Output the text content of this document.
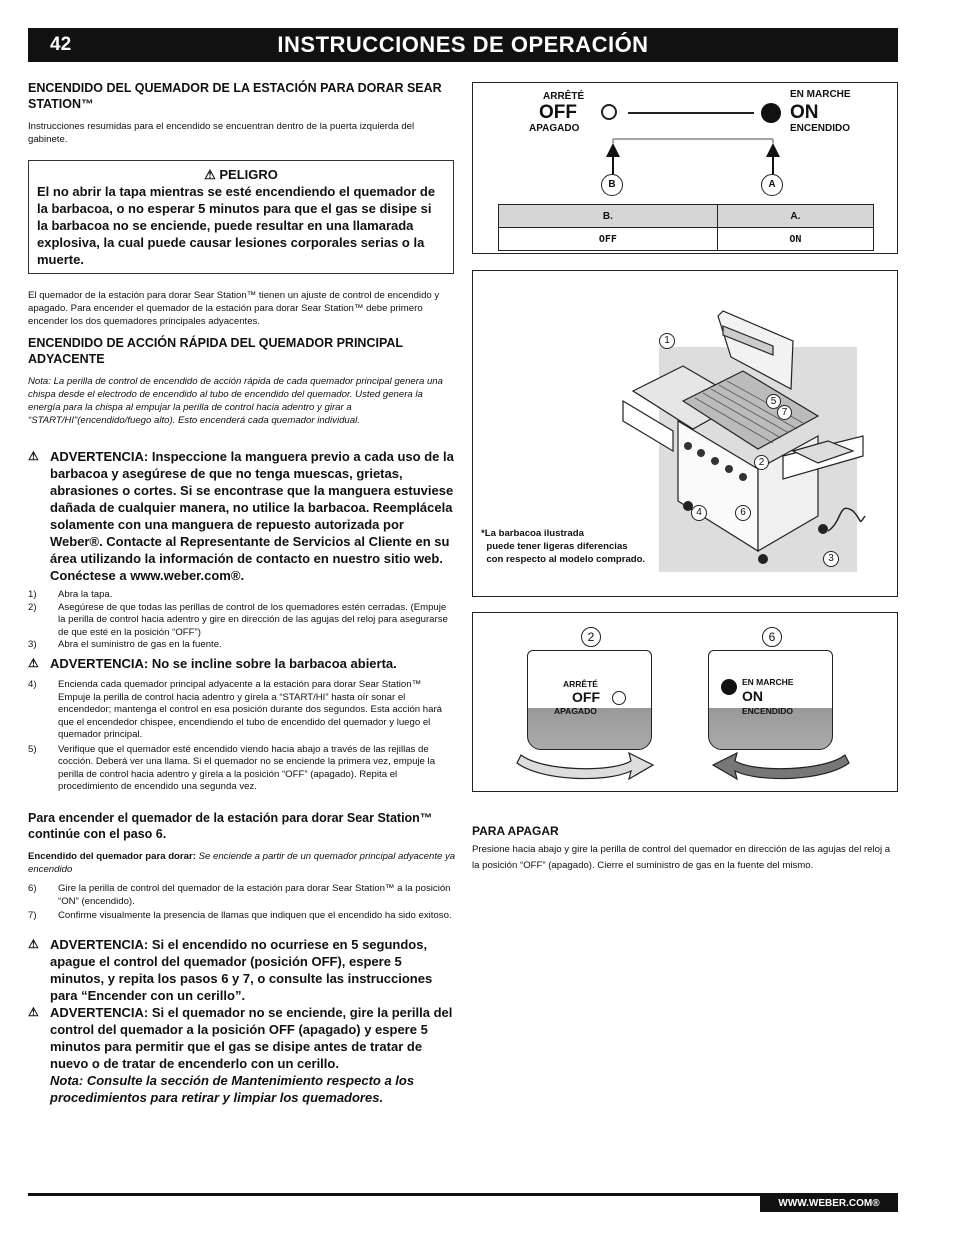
42	INSTRUCCIONES DE OPERACIÓN
ENCENDIDO DEL QUEMADOR DE LA ESTACIÓN PARA DORAR SEAR STATION™
Instrucciones resumidas para el encendido se encuentran dentro de la puerta izquierda del gabinete.
⚠ PELIGRO
El no abrir la tapa mientras se esté encendiendo el quemador de la barbacoa, o no esperar 5 minutos para que el gas se disipe si la barbacoa no se enciende, puede resultar en una llamarada explosiva, la cual puede causar lesiones corporales serias o la muerte.
El quemador de la estación para dorar Sear Station™ tienen un ajuste de control de encendido y apagado. Para encender el quemador de la estación para dorar Sear Station™ debe primero encender los dos quemadores principales adyacentes.
ENCENDIDO DE ACCIÓN RÁPIDA DEL QUEMADOR PRINCIPAL ADYACENTE
Nota: La perilla de control de encendido de acción rápida de cada quemador principal genera una chispa desde el electrodo de encendido al tubo de encendido del quemador. Usted genera la energía para la chispa al empujar la perilla de control hacia adentro y girar a “START/HI”(encendido/fuego alto). Esto encenderá cada quemador individual.
⚠ ADVERTENCIA: Inspeccione la manguera previo a cada uso de la barbacoa y asegúrese de que no tenga muescas, grietas, abrasiones o cortes. Si se encontrase que la manguera estuviese dañada de cualquier manera, no utilice la barbacoa. Reemplácela solamente con una manguera de repuesto autorizada por Weber®. Contacte al Representante de Servicios al Cliente en su área utilizando la información de contacto en nuestro sitio web. Conéctese a www.weber.com®.
1)	Abra la tapa.
2)	Asegúrese de que todas las perillas de control de los quemadores estén cerradas. (Empuje la perilla de control hacia adentro y gire en dirección de las agujas del reloj para asegurarse de que esté en la posición “OFF”)
3)	Abra el suministro de gas en la fuente.
⚠ ADVERTENCIA: No se incline sobre la barbacoa abierta.
4)	Encienda cada quemador principal adyacente a la estación para dorar Sear Station™ Empuje la perilla de control hacia adentro y gírela a “START/HI” hasta oír sonar el encendedor; mantenga el control en esa posición durante dos segundos. Esta acción hará que el encendedor chispee, encendiendo el tubo de encendido del quemador y luego el quemador principal.
5)	Verifique que el quemador esté encendido viendo hacia abajo a través de las rejillas de cocción. Deberá ver una llama. Si el quemador no se enciende la primera vez, empuje la perilla de control hacia adentro y gírela a la posición “OFF” (apagado). Repita el procedimiento de encendido una segunda vez.
Para encender el quemador de la estación para dorar Sear Station™ continúe con el paso 6.
Encendido del quemador para dorar: Se enciende a partir de un quemador principal adyacente ya encendido
6)	Gire la perilla de control del quemador de la estación para dorar Sear Station™ a la posición “ON” (encendido).
7)	Confirme visualmente la presencia de llamas que indiquen que el encendido ha sido exitoso.
⚠ ADVERTENCIA: Si el encendido no ocurriese en 5 segundos, apague el control del quemador (posición OFF), espere 5 minutos, y repita los pasos 6 y 7, o consulte las instrucciones para “Encender con un cerillo”.
⚠ ADVERTENCIA: Si el quemador no se enciende, gire la perilla del control del quemador a la posición OFF (apagado) y espere 5 minutos para permitir que el gas se disipe antes de tratar de nuevo o de tratar de encenderlo con un cerillo.
Nota: Consulte la sección de Mantenimiento respecto a los procedimientos para retirar y limpiar los quemadores.
ARRÊTÉ
OFF
APAGADO
EN MARCHE
ON
ENCENDIDO
B	A
B.	A.
OFF	ON
1
5
7
2
4	6
3
*La barbacoa ilustrada
puede tener ligeras diferencias
con respecto al modelo comprado.
2	6
ARRÊTÉ
OFF
APAGADO
EN MARCHE
ON
ENCENDIDO
PARA APAGAR
Presione hacia abajo y gire la perilla de control del quemador en dirección de las agujas del reloj a la posición “OFF” (apagado). Cierre el suministro de gas en la fuente del mismo.
WWW.WEBER.COM®
